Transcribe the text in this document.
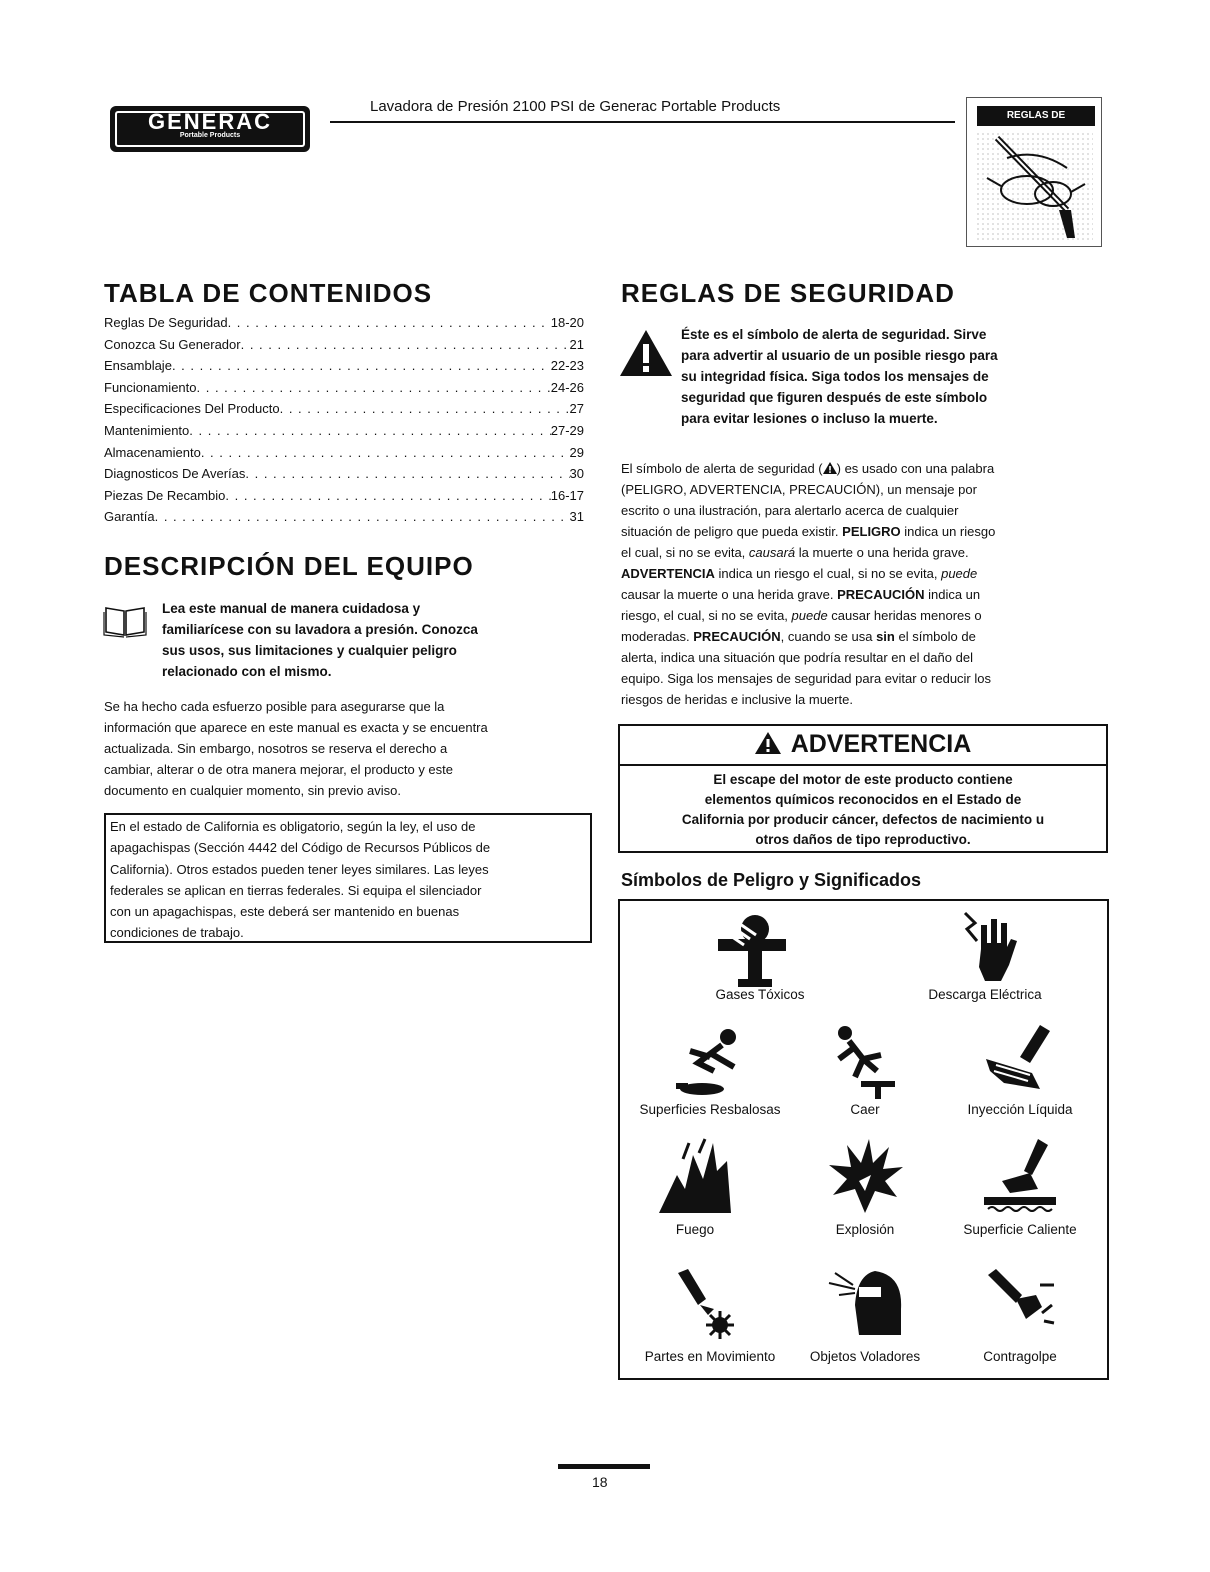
GENERAC
Portable Products
Lavadora de Presión 2100 PSI de Generac Portable Products
REGLAS DE
TABLA DE CONTENIDOS
Reglas De Seguridad . . .	18-20
Conozca Su Generador . . .	21
Ensamblaje . . .	22-23
Funcionamiento . . .	24-26
Especificaciones Del Producto . . .	27
Mantenimiento . . .	27-29
Almacenamiento . . .	29
Diagnosticos De Averías . . .	30
Piezas De Recambio . . .	16-17
Garantía . . .	31
DESCRIPCIÓN DEL EQUIPO
Lea este manual de manera cuidadosa y
familiarícese con su lavadora a presión. Conozca
sus usos, sus limitaciones y cualquier peligro
relacionado con el mismo.
Se ha hecho cada esfuerzo posible para asegurarse que la
información que aparece en este manual es exacta y se encuentra
actualizada. Sin embargo, nosotros se reserva el derecho a
cambiar, alterar o de otra manera mejorar, el producto y este
documento en cualquier momento, sin previo aviso.
En el estado de California es obligatorio, según la ley, el uso de
apagachispas (Sección 4442 del Código de Recursos Públicos de
California). Otros estados pueden tener leyes similares. Las leyes
federales se aplican en tierras federales. Si equipa el silenciador
con un apagachispas, este deberá ser mantenido en buenas
condiciones de trabajo.
REGLAS DE SEGURIDAD
Éste es el símbolo de alerta de seguridad. Sirve
para advertir al usuario de un posible riesgo para
su integridad física. Siga todos los mensajes de
seguridad que figuren después de este símbolo
para evitar lesiones o incluso la muerte.
El símbolo de alerta de seguridad ( ) es usado con una palabra
(PELIGRO, ADVERTENCIA, PRECAUCIÓN), un mensaje por
escrito o una ilustración, para alertarlo acerca de cualquier
situación de peligro que pueda existir. PELIGRO indica un riesgo
el cual, si no se evita, causará la muerte o una herida grave.
ADVERTENCIA indica un riesgo el cual, si no se evita, puede
causar la muerte o una herida grave. PRECAUCIÓN indica un
riesgo, el cual, si no se evita, puede causar heridas menores o
moderadas. PRECAUCIÓN, cuando se usa sin el símbolo de
alerta, indica una situación que podría resultar en el daño del
equipo. Siga los mensajes de seguridad para evitar o reducir los
riesgos de heridas e inclusive la muerte.
ADVERTENCIA
El escape del motor de este producto contiene
elementos químicos reconocidos en el Estado de
California por producir cáncer, defectos de nacimiento u
otros daños de tipo reproductivo.
Símbolos de Peligro y Significados
Gases Tóxicos	Descarga Eléctrica
Superficies Resbalosas	Caer	Inyección Líquida
Fuego	Explosión	Superficie Caliente
Partes en Movimiento	Objetos Voladores	Contragolpe
18
